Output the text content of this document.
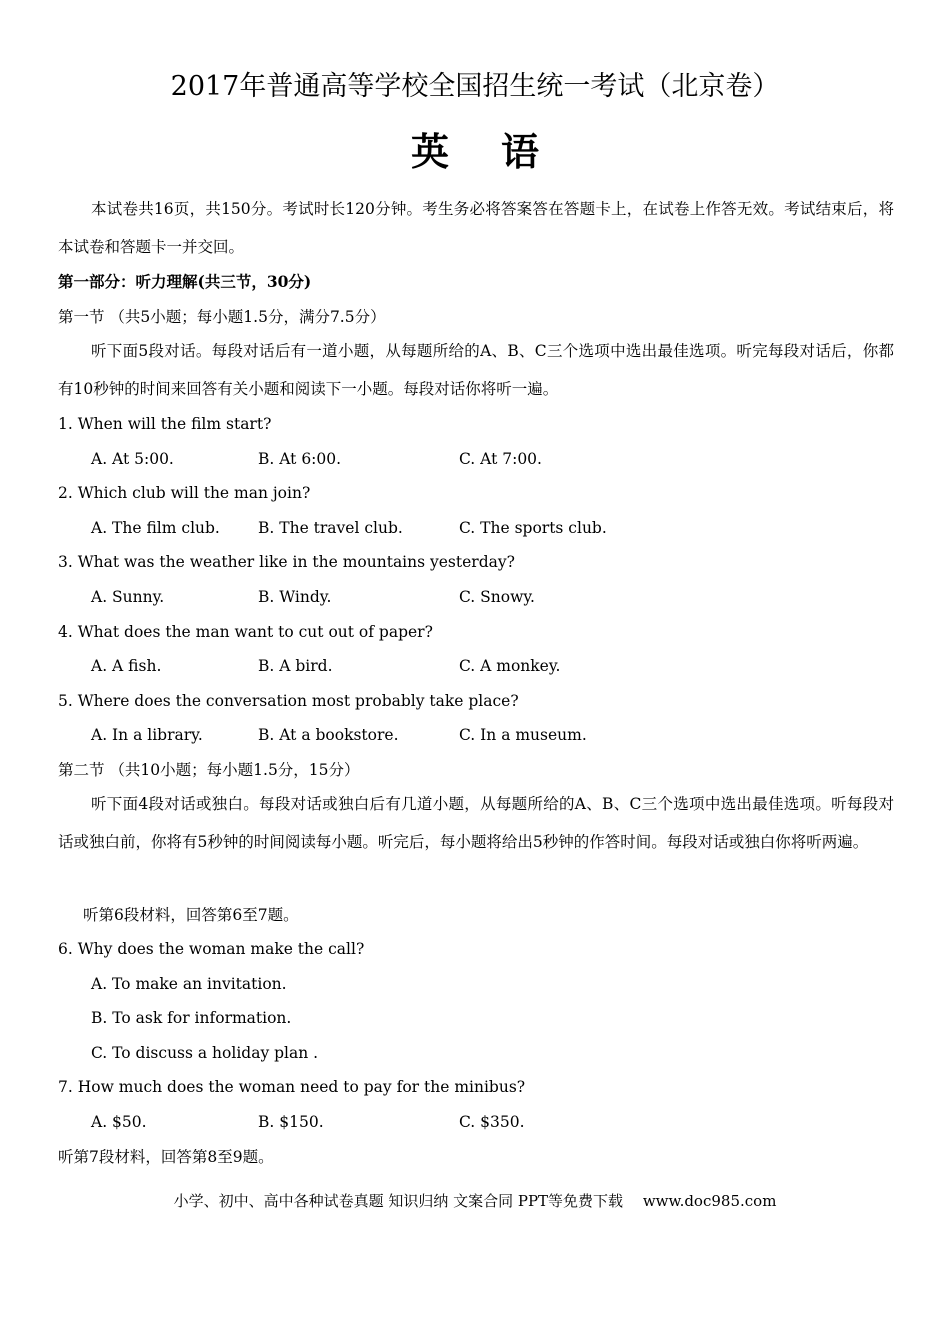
2017年普通高等学校全国招生统一考试（北京卷）
英语
本试卷共16页，共150分。考试时长120分钟。考生务必将答案答在答题卡上，在试卷上作答无效。考试结束后，将本试卷和答题卡一并交回。
第一部分：听力理解(共三节，30分)
第一节 （共5小题；每小题1.5分，满分7.5分）
听下面5段对话。每段对话后有一道小题，从每题所给的A、B、C三个选项中选出最佳选项。听完每段对话后，你都有10秒钟的时间来回答有关小题和阅读下一小题。每段对话你将听一遍。
1. When will the film start?
A. At 5:00.	B. At 6:00.	C. At 7:00.
2. Which club will the man join?
A. The film club. B. The travel club.	C. The sports club.
3. What was the weather like in the mountains yesterday?
A. Sunny.	B. Windy.	C. Snowy.
4. What does the man want to cut out of paper?
A. A fish.	B. A bird.	C. A monkey.
5. Where does the conversation most probably take place?
A. In a library.	B. At a bookstore.	C. In a museum.
第二节 （共10小题；每小题1.5分，15分）
听下面4段对话或独白。每段对话或独白后有几道小题，从每题所给的A、B、C三个选项中选出最佳选项。听每段对话或独白前，你将有5秒钟的时间阅读每小题。听完后，每小题将给出5秒钟的作答时间。每段对话或独白你将听两遍。
听第6段材料，回答第6至7题。
6. Why does the woman make the call?
A. To make an invitation.
B. To ask for information.
C. To discuss a holiday plan .
7. How much does the woman need to pay for the minibus?
A. $50.	B. $150.	C. $350.
听第7段材料，回答第8至9题。
小学、初中、高中各种试卷真题 知识归纳 文案合同 PPT等免费下载　 www.doc985.com
